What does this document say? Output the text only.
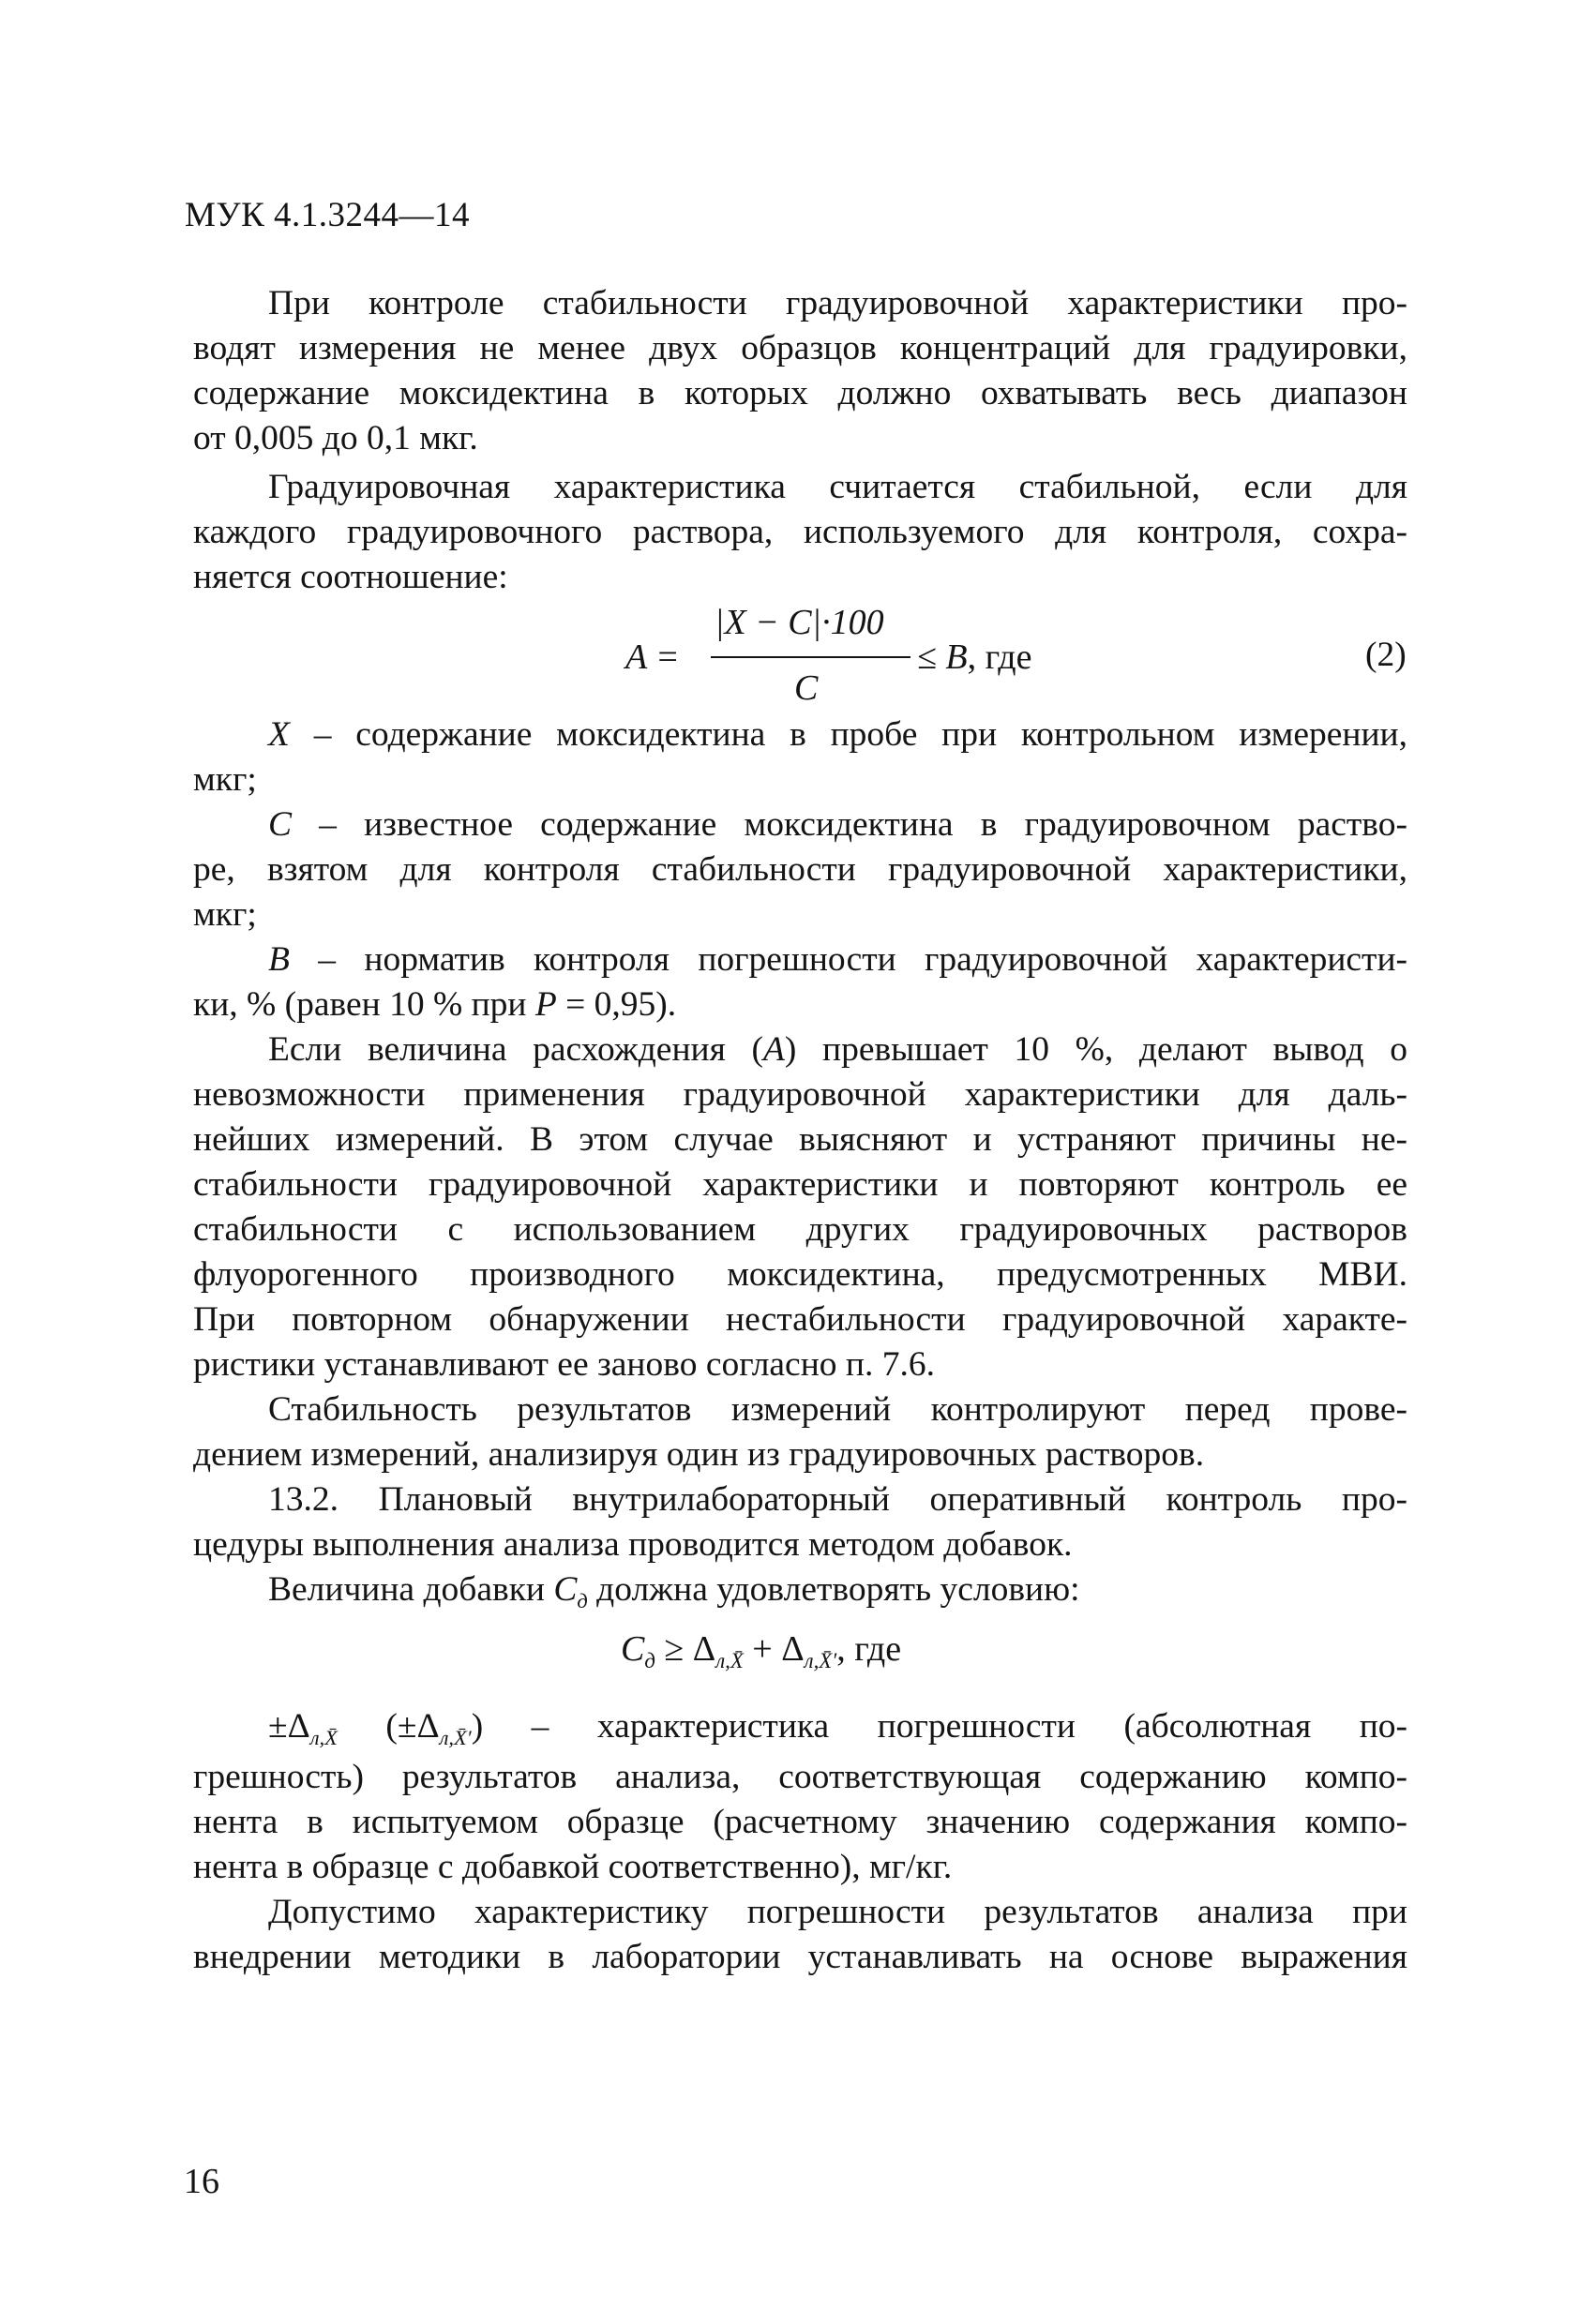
МУК 4.1.3244—14
При контроле стабильности градуировочной характеристики про-
водят измерения не менее двух образцов концентраций для градуировки,
содержание моксидектина в которых должно охватывать весь диапазон
от 0,005 до 0,1 мкг.
Градуировочная характеристика считается стабильной, если для
каждого градуировочного раствора, используемого для контроля, сохра-
няется соотношение:
A =
|X − C|·100
C
≤ B, где	(2)
X – содержание моксидектина в пробе при контрольном измерении,
мкг;
C – известное содержание моксидектина в градуировочном раство-
ре, взятом для контроля стабильности градуировочной характеристики,
мкг;
B – норматив контроля погрешности градуировочной характеристи-
ки, % (равен 10 % при P = 0,95).
Если величина расхождения (A) превышает 10 %, делают вывод о
невозможности применения градуировочной характеристики для даль-
нейших измерений. В этом случае выясняют и устраняют причины не-
стабильности градуировочной характеристики и повторяют контроль ее
стабильности с использованием других градуировочных растворов
флуорогенного производного моксидектина, предусмотренных МВИ.
При повторном обнаружении нестабильности градуировочной характе-
ристики устанавливают ее заново согласно п. 7.6.
Стабильность результатов измерений контролируют перед прове-
дением измерений, анализируя один из градуировочных растворов.
13.2. Плановый внутрилабораторный оперативный контроль про-
цедуры выполнения анализа проводится методом добавок.
Величина добавки $C_д$ должна удовлетворять условию:
$C_д \ge \Delta_{л,X̄} + \Delta_{л,X̄'}$, где
$\pm\Delta_{л,X̄}$ $(\pm\Delta_{л,X̄'})$ – характеристика погрешности (абсолютная по-
грешность) результатов анализа, соответствующая содержанию компо-
нента в испытуемом образце (расчетному значению содержания компо-
нента в образце с добавкой соответственно), мг/кг.
Допустимо характеристику погрешности результатов анализа при
внедрении методики в лаборатории устанавливать на основе выражения
16
